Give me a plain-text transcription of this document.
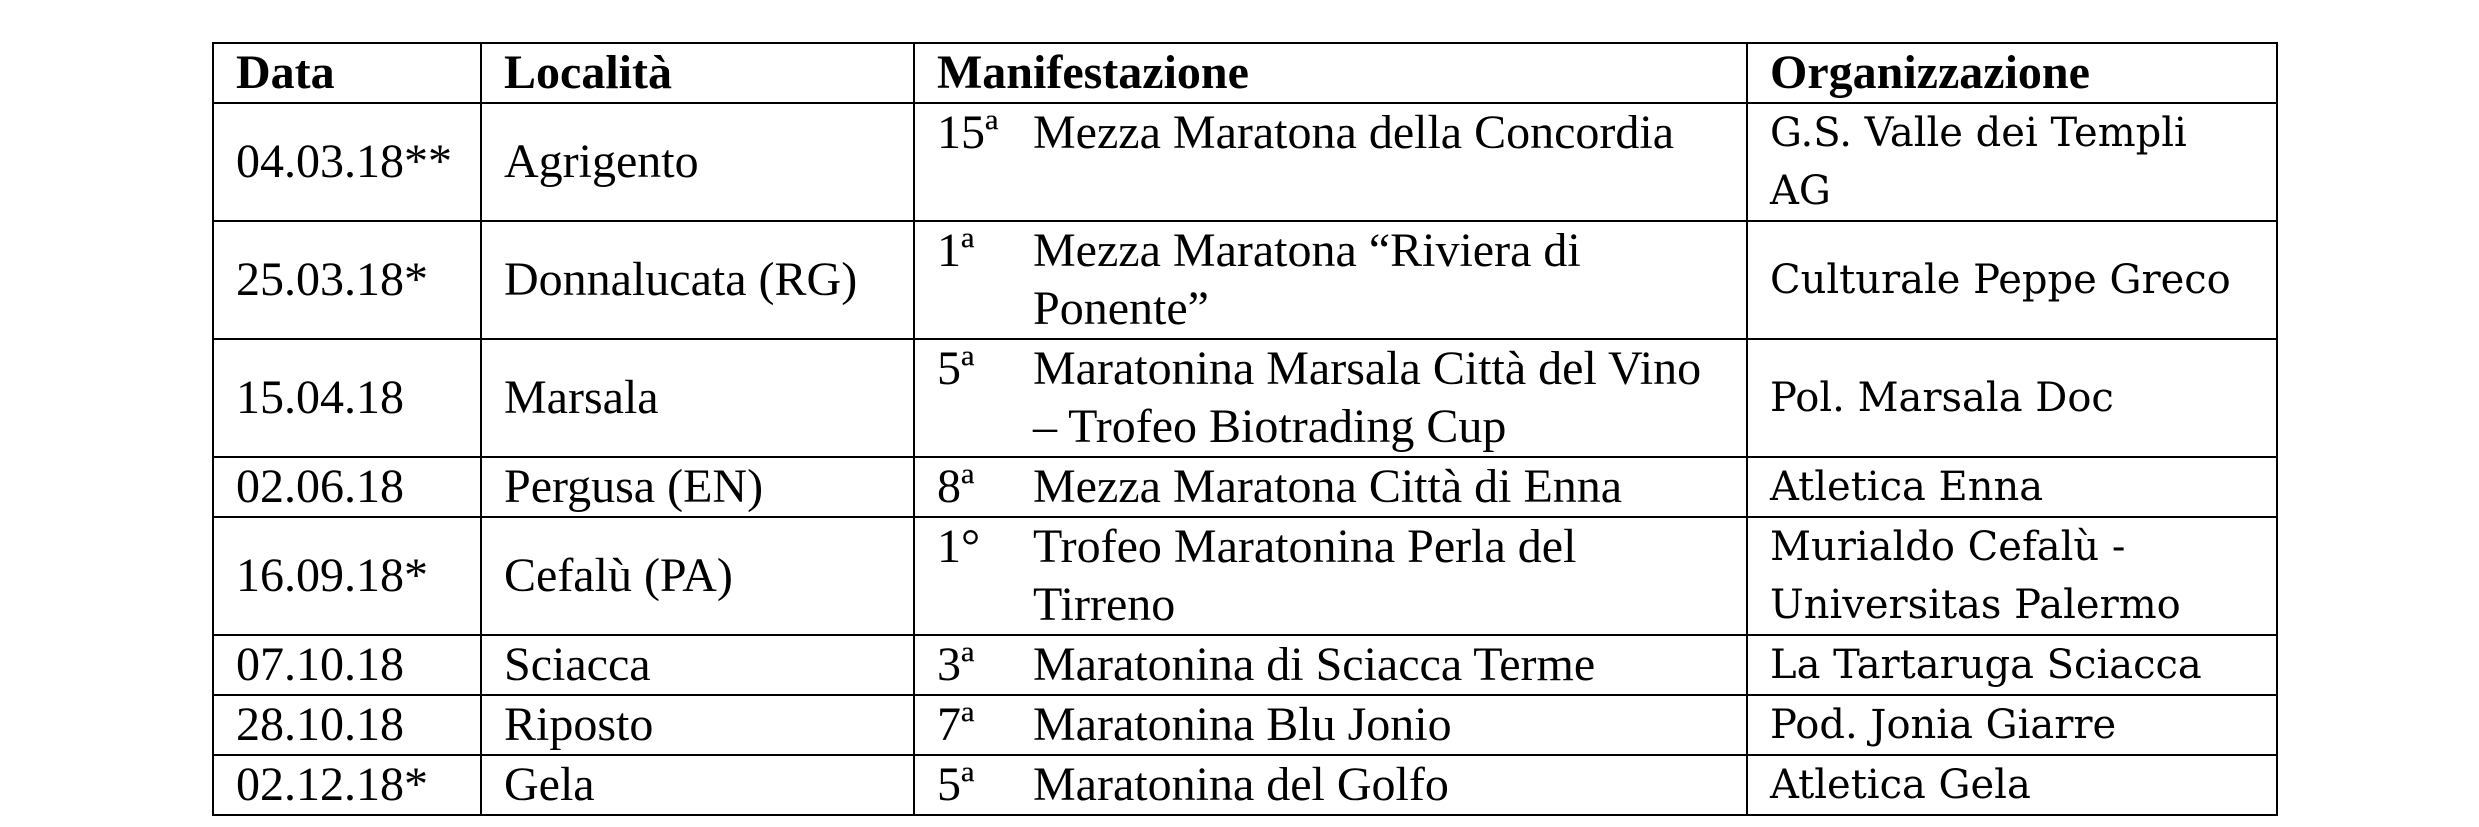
Data	Località	Manifestazione	Organizzazione
04.03.18**	Agrigento	15ª Mezza Maratona della Concordia	G.S. Valle dei Templi AG
25.03.18*	Donnalucata (RG)	1ª Mezza Maratona “Riviera di Ponente”	Culturale Peppe Greco
15.04.18	Marsala	5ª Maratonina Marsala Città del Vino – Trofeo Biotrading Cup	Pol. Marsala Doc
02.06.18	Pergusa (EN)	8ª Mezza Maratona Città di Enna	Atletica Enna
16.09.18*	Cefalù (PA)	1° Trofeo Maratonina Perla del Tirreno	Murialdo Cefalù - Universitas Palermo
07.10.18	Sciacca	3ª Maratonina di Sciacca Terme	La Tartaruga Sciacca
28.10.18	Riposto	7ª Maratonina Blu Jonio	Pod. Jonia Giarre
02.12.18*	Gela	5ª Maratonina del Golfo	Atletica Gela
